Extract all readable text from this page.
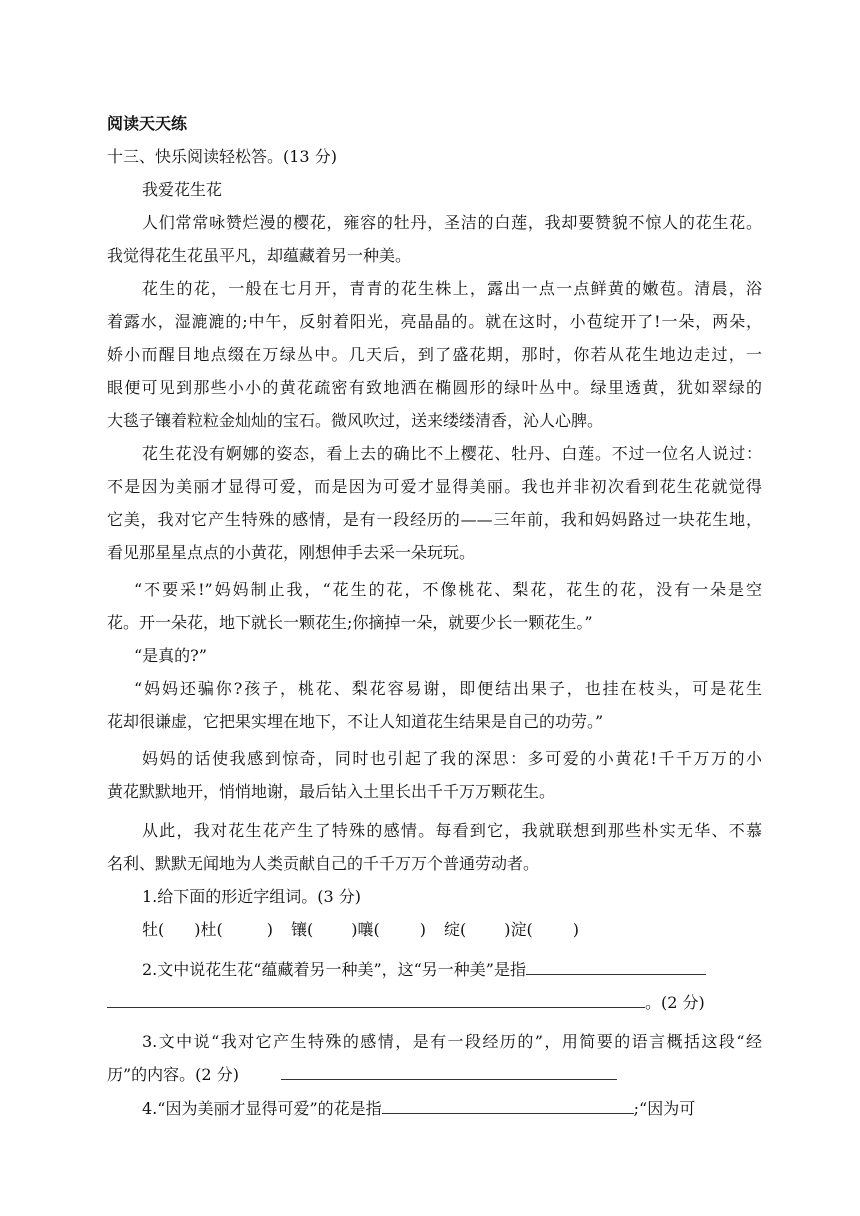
阅读天天练
十三、快乐阅读轻松答。(13 分)
我爱花生花
人们常常咏赞烂漫的樱花，雍容的牡丹，圣洁的白莲，我却要赞貌不惊人的花生花。
我觉得花生花虽平凡，却蕴藏着另一种美。
花生的花，一般在七月开，青青的花生株上，露出一点一点鲜黄的嫩苞。清晨，浴
着露水，湿漉漉的;中午，反射着阳光，亮晶晶的。就在这时，小苞绽开了!一朵，两朵，
娇小而醒目地点缀在万绿丛中。几天后，到了盛花期，那时，你若从花生地边走过，一
眼便可见到那些小小的黄花疏密有致地洒在椭圆形的绿叶丛中。绿里透黄，犹如翠绿的
大毯子镶着粒粒金灿灿的宝石。微风吹过，送来缕缕清香，沁人心脾。
花生花没有婀娜的姿态，看上去的确比不上樱花、牡丹、白莲。不过一位名人说过：
不是因为美丽才显得可爱，而是因为可爱才显得美丽。我也并非初次看到花生花就觉得
它美，我对它产生特殊的感情，是有一段经历的——三年前，我和妈妈路过一块花生地，
看见那星星点点的小黄花，刚想伸手去采一朵玩玩。
“不要采!”妈妈制止我，“花生的花，不像桃花、梨花，花生的花，没有一朵是空
花。开一朵花，地下就长一颗花生;你摘掉一朵，就要少长一颗花生。”
“是真的?”
“妈妈还骗你?孩子，桃花、梨花容易谢，即便结出果子，也挂在枝头，可是花生
花却很谦虚，它把果实埋在地下，不让人知道花生结果是自己的功劳。”
妈妈的话使我感到惊奇，同时也引起了我的深思：多可爱的小黄花!千千万万的小
黄花默默地开，悄悄地谢，最后钻入土里长出千千万万颗花生。
从此，我对花生花产生了特殊的感情。每看到它，我就联想到那些朴实无华、不慕
名利、默默无闻地为人类贡献自己的千千万万个普通劳动者。
1.给下面的形近字组词。(3 分)
牡( )杜(	) 镶( )嚷(	) 绽( )淀(	)
2.文中说花生花“蕴藏着另一种美”，这“另一种美”是指
。(2 分)
3.文中说“我对它产生特殊的感情，是有一段经历的”，用简要的语言概括这段“经
历”的内容。(2 分)
4.“因为美丽才显得可爱”的花是指	;“因为可
